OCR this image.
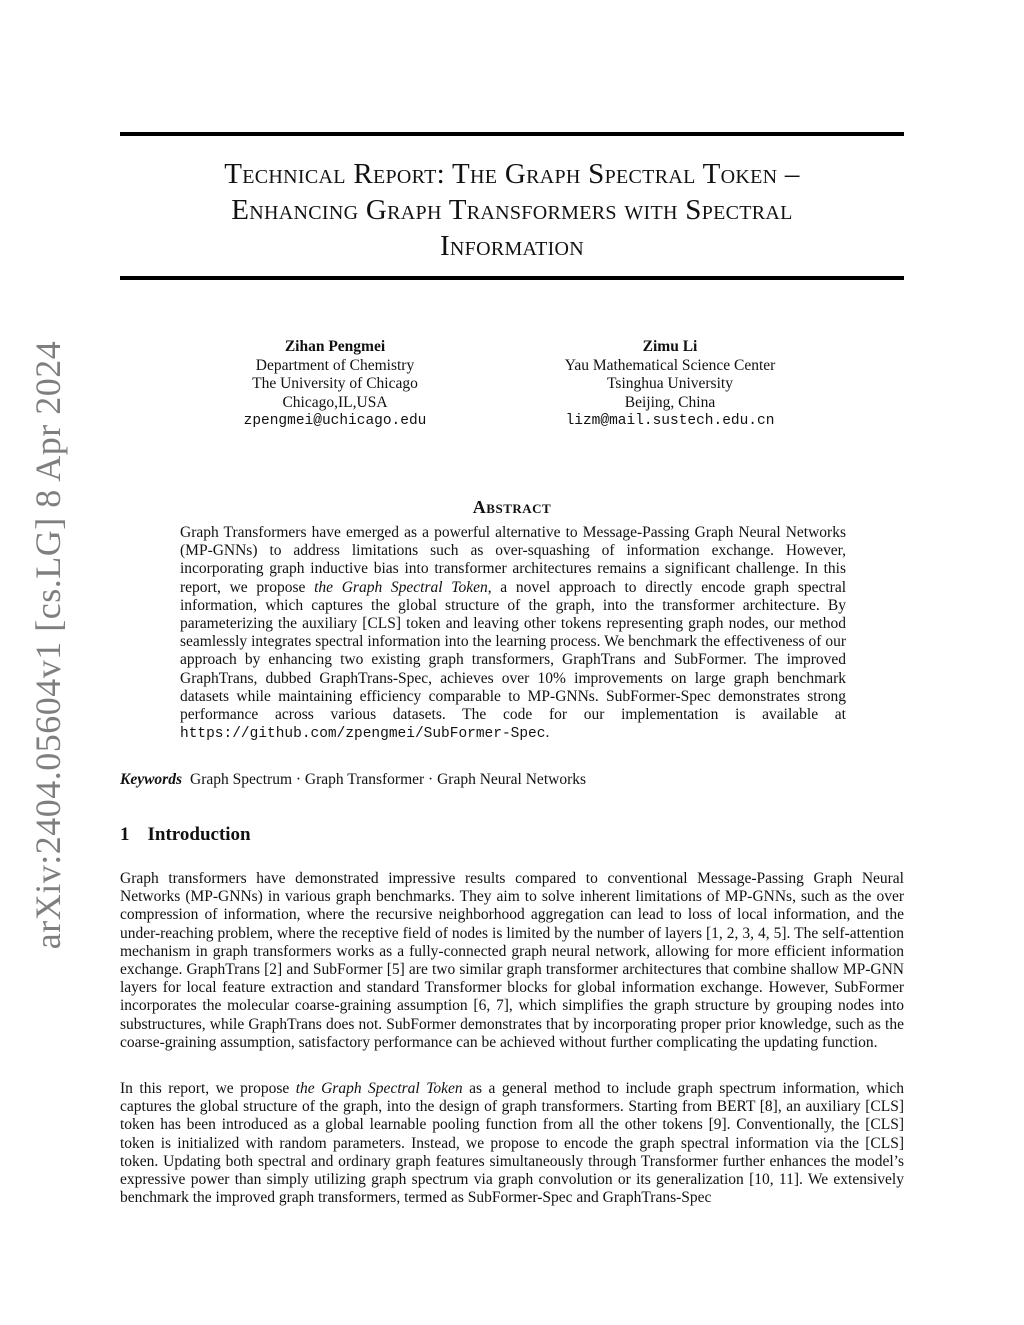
arXiv:2404.05604v1 [cs.LG] 8 Apr 2024
Technical Report: The Graph Spectral Token –
Enhancing Graph Transformers with Spectral
Information
Zihan Pengmei
Department of Chemistry
The University of Chicago
Chicago,IL,USA
zpengmei@uchicago.edu
Zimu Li
Yau Mathematical Science Center
Tsinghua University
Beijing, China
lizm@mail.sustech.edu.cn
Abstract

Graph Transformers have emerged as a powerful alternative to Message-Passing Graph Neural Networks (MP-GNNs) to address limitations such as over-squashing of information exchange. However, incorporating graph inductive bias into transformer architectures remains a significant challenge. In this report, we propose the Graph Spectral Token, a novel approach to directly encode graph spectral information, which captures the global structure of the graph, into the transformer architecture. By parameterizing the auxiliary [CLS] token and leaving other tokens representing graph nodes, our method seamlessly integrates spectral information into the learning process. We benchmark the effectiveness of our approach by enhancing two existing graph transformers, GraphTrans and SubFormer. The improved GraphTrans, dubbed GraphTrans-Spec, achieves over 10% improvements on large graph benchmark datasets while maintaining efficiency comparable to MP-GNNs. SubFormer-Spec demonstrates strong performance across various datasets. The code for our implementation is available at https://github.com/zpengmei/SubFormer-Spec.

Keywords Graph Spectrum · Graph Transformer · Graph Neural Networks
1 Introduction

Graph transformers have demonstrated impressive results compared to conventional Message-Passing Graph Neural Networks (MP-GNNs) in various graph benchmarks. They aim to solve inherent limitations of MP-GNNs, such as the over compression of information, where the recursive neighborhood aggregation can lead to loss of local information, and the under-reaching problem, where the receptive field of nodes is limited by the number of layers [1, 2, 3, 4, 5]. The self-attention mechanism in graph transformers works as a fully-connected graph neural network, allowing for more efficient information exchange. GraphTrans [2] and SubFormer [5] are two similar graph transformer architectures that combine shallow MP-GNN layers for local feature extraction and standard Transformer blocks for global information exchange. However, SubFormer incorporates the molecular coarse-graining assumption [6, 7], which simplifies the graph structure by grouping nodes into substructures, while GraphTrans does not. SubFormer demonstrates that by incorporating proper prior knowledge, such as the coarse-graining assumption, satisfactory performance can be achieved without further complicating the updating function.

In this report, we propose the Graph Spectral Token as a general method to include graph spectrum information, which captures the global structure of the graph, into the design of graph transformers. Starting from BERT [8], an auxiliary [CLS] token has been introduced as a global learnable pooling function from all the other tokens [9]. Conventionally, the [CLS] token is initialized with random parameters. Instead, we propose to encode the graph spectral information via the [CLS] token. Updating both spectral and ordinary graph features simultaneously through Transformer further enhances the model’s expressive power than simply utilizing graph spectrum via graph convolution or its generalization [10, 11]. We extensively benchmark the improved graph transformers, termed as SubFormer-Spec and GraphTrans-Spec
